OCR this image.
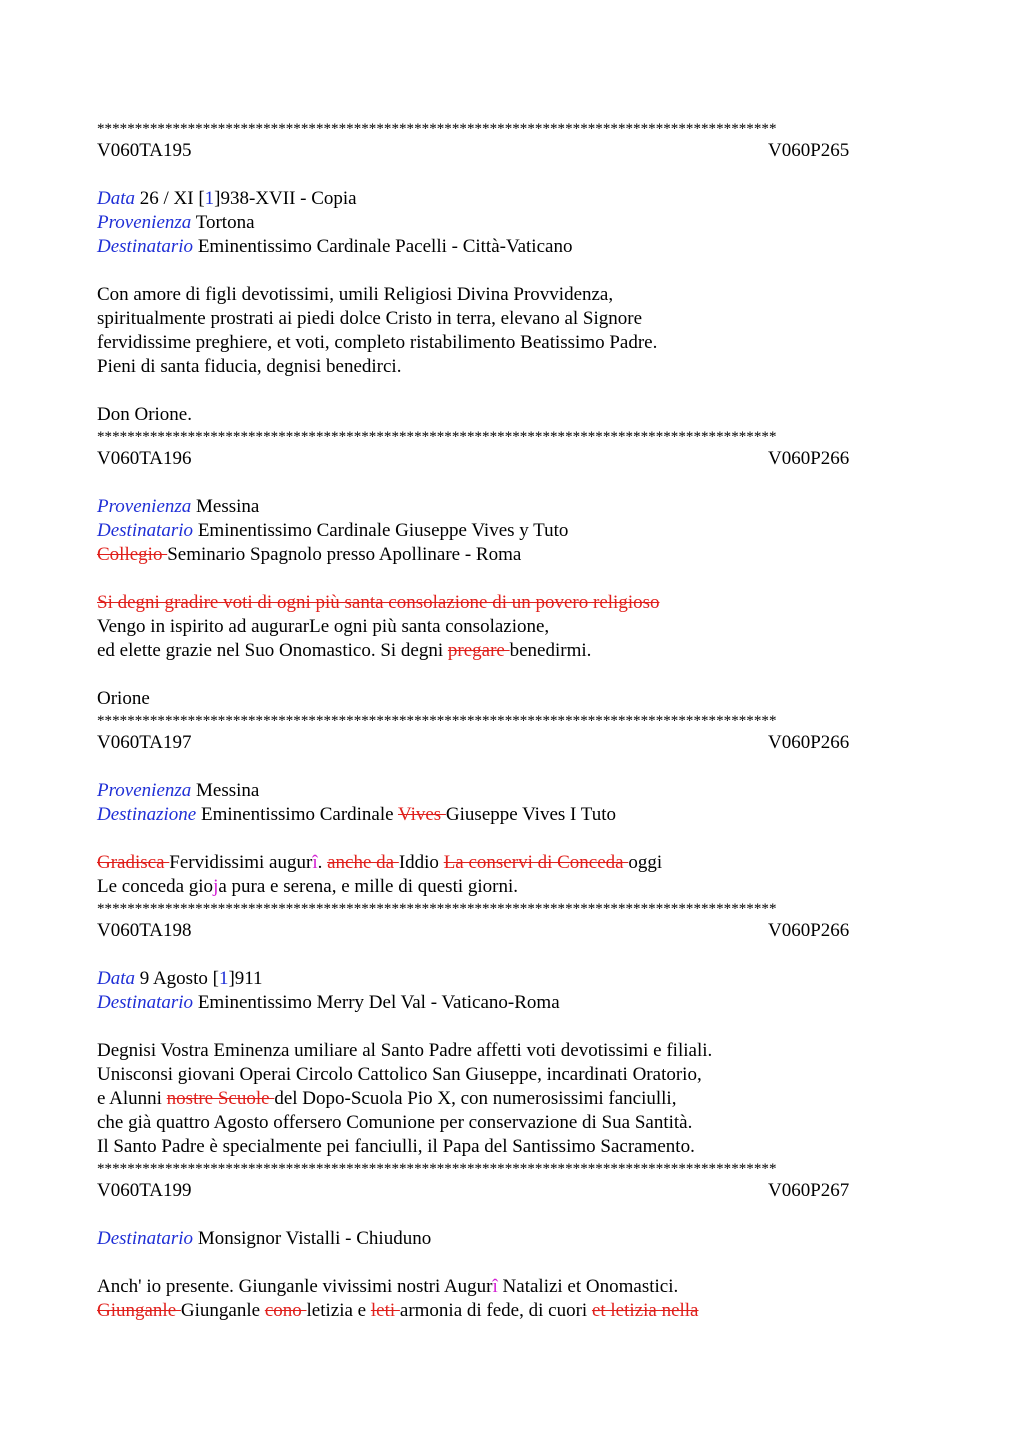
******************************************************************************************
V060TA195	V060P265
Data 26 / XI [1]938-XVII - Copia
Provenienza Tortona
Destinatario Eminentissimo Cardinale Pacelli - Città-Vaticano
Con amore di figli devotissimi, umili Religiosi Divina Provvidenza,
spiritualmente prostrati ai piedi dolce Cristo in terra, elevano al Signore
fervidissime preghiere, et voti, completo ristabilimento Beatissimo Padre.
Pieni di santa fiducia, degnisi benedirci.
Don Orione.
******************************************************************************************
V060TA196	V060P266
Provenienza Messina
Destinatario Eminentissimo Cardinale Giuseppe Vives y Tuto
Collegio Seminario Spagnolo presso Apollinare - Roma
Si degni gradire voti di ogni più santa consolazione di un povero religioso
Vengo in ispirito ad augurarLe ogni più santa consolazione,
ed elette grazie nel Suo Onomastico. Si degni pregare benedirmi.
Orione
******************************************************************************************
V060TA197	V060P266
Provenienza Messina
Destinazione Eminentissimo Cardinale Vives Giuseppe Vives I Tuto
Gradisca Fervidissimi augurî. anche da Iddio La conservi di Conceda oggi
Le conceda gioja pura e serena, e mille di questi giorni.
******************************************************************************************
V060TA198	V060P266
Data 9 Agosto [1]911
Destinatario Eminentissimo Merry Del Val - Vaticano-Roma
Degnisi Vostra Eminenza umiliare al Santo Padre affetti voti devotissimi e filiali.
Unisconsi giovani Operai Circolo Cattolico San Giuseppe, incardinati Oratorio,
e Alunni nostre Scuole del Dopo-Scuola Pio X, con numerosissimi fanciulli,
che già quattro Agosto offersero Comunione per conservazione di Sua Santità.
Il Santo Padre è specialmente pei fanciulli, il Papa del Santissimo Sacramento.
******************************************************************************************
V060TA199	V060P267
Destinatario Monsignor Vistalli - Chiuduno
Anch' io presente. Giunganle vivissimi nostri Augurî Natalizi et Onomastici.
Giunganle Giunganle cono letizia e leti armonia di fede, di cuori et letizia nella
